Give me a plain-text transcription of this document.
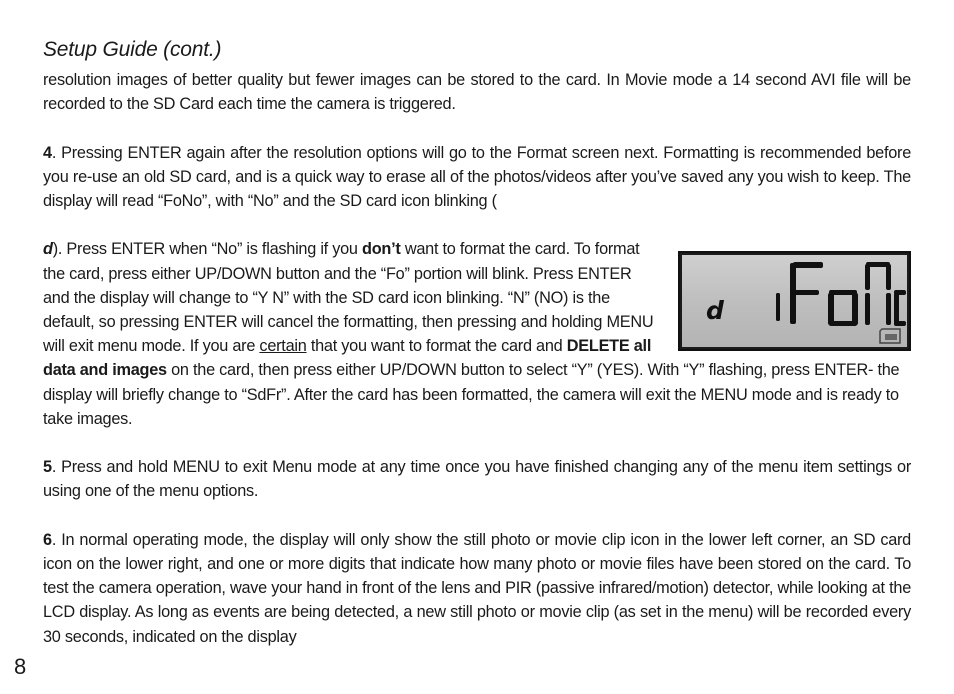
Setup Guide (cont.)

resolution images of better quality but fewer images can be stored to the card. In Movie mode a 14 second AVI file will be recorded to the SD Card each time the camera is triggered.

4. Pressing ENTER again after the resolution options will go to the Format screen next. Formatting is recommended before you re-use an old SD card, and is a quick way to erase all of the photos/videos after you’ve saved any you wish to keep. The display will read “FoNo”, with “No” and the SD card icon blinking (

d
d). Press ENTER when “No” is flashing if you don’t want to format the card. To format the card, press either UP/DOWN button and the “Fo” portion will blink. Press ENTER and the display will change to “Y N” with the SD card icon blinking. “N” (NO) is the default, so pressing ENTER will cancel the formatting, then pressing and holding MENU will exit menu mode. If you are certain that you want to format the card and DELETE all data and images on the card, then press either UP/DOWN button to select “Y” (YES). With “Y” flashing, press ENTER- the display will briefly change to “SdFr”. After the card has been formatted, the camera will exit the MENU mode and is ready to take images.

5. Press and hold MENU to exit Menu mode at any time once you have finished changing any of the menu item settings or using one of the menu options.

6. In normal operating mode, the display will only show the still photo or movie clip icon in the lower left corner, an SD card icon on the lower right, and one or more digits that indicate how many photo or movie files have been stored on the card. To test the camera operation, wave your hand in front of the lens and PIR (passive infrared/motion) detector, while looking at the LCD display. As long as events are being detected, a new still photo or movie clip (as set in the menu) will be recorded every 30 seconds, indicated on the display

8
